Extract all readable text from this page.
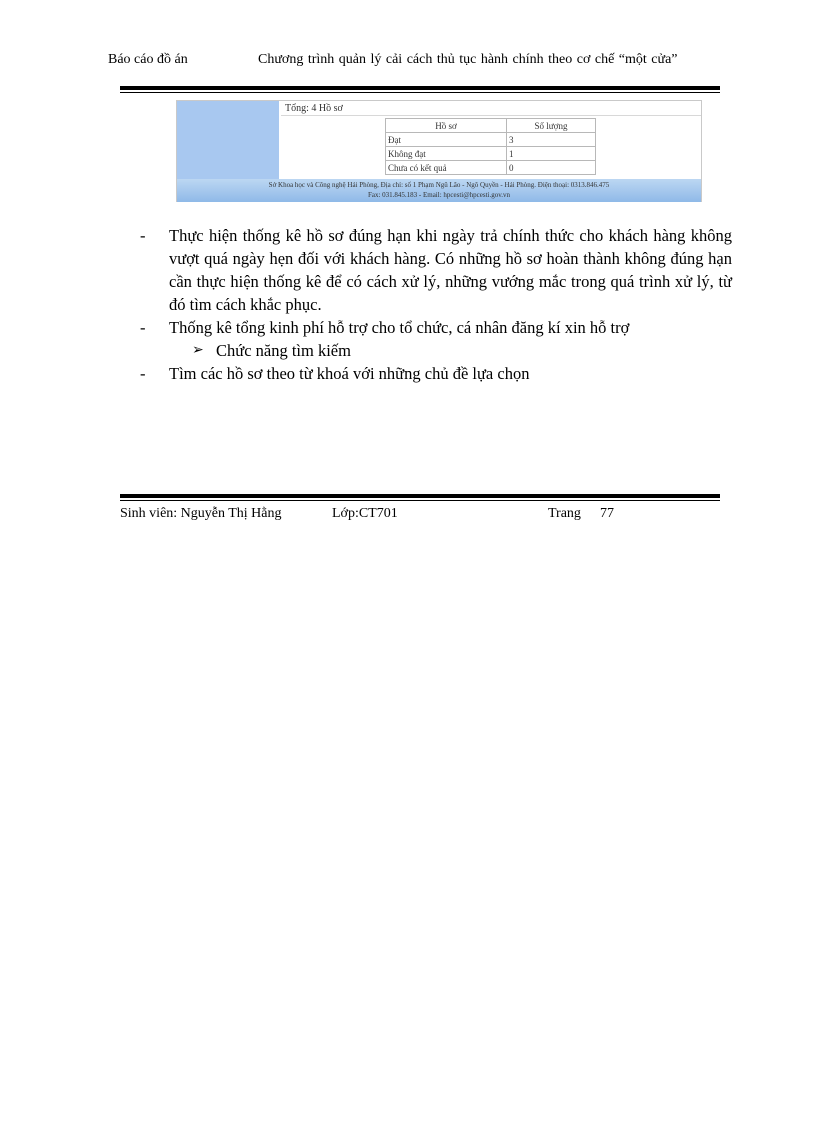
Báo cáo đồ án	Chương trình quản lý cải cách thủ tục hành chính theo cơ chế “một cửa”
Tổng: 4 Hồ sơ
Hồ sơ	Số lượng
Đạt	3
Không đạt	1
Chưa có kết quả	0
Sở Khoa học và Công nghệ Hải Phòng, Địa chỉ: số 1 Phạm Ngũ Lão - Ngô Quyền - Hải Phòng. Điện thoại: 0313.846.475
Fax: 031.845.183 - Email: hpcesti@hpcesti.gov.vn
- Thực hiện thống kê hồ sơ đúng hạn khi ngày trả chính thức cho khách hàng không vượt quá ngày hẹn đối với khách hàng. Có những hồ sơ hoàn thành không đúng hạn cần thực hiện thống kê để có cách xử lý, những vướng mắc trong quá trình xử lý, từ đó tìm cách khắc phục.
- Thống kê tổng kinh phí hỗ trợ cho tổ chức, cá nhân đăng kí xin hỗ trợ
➢ Chức năng tìm kiếm
- Tìm các hồ sơ theo từ khoá với những chủ đề lựa chọn
Sinh viên: Nguyễn Thị Hằng	Lớp:CT701	Trang 77
